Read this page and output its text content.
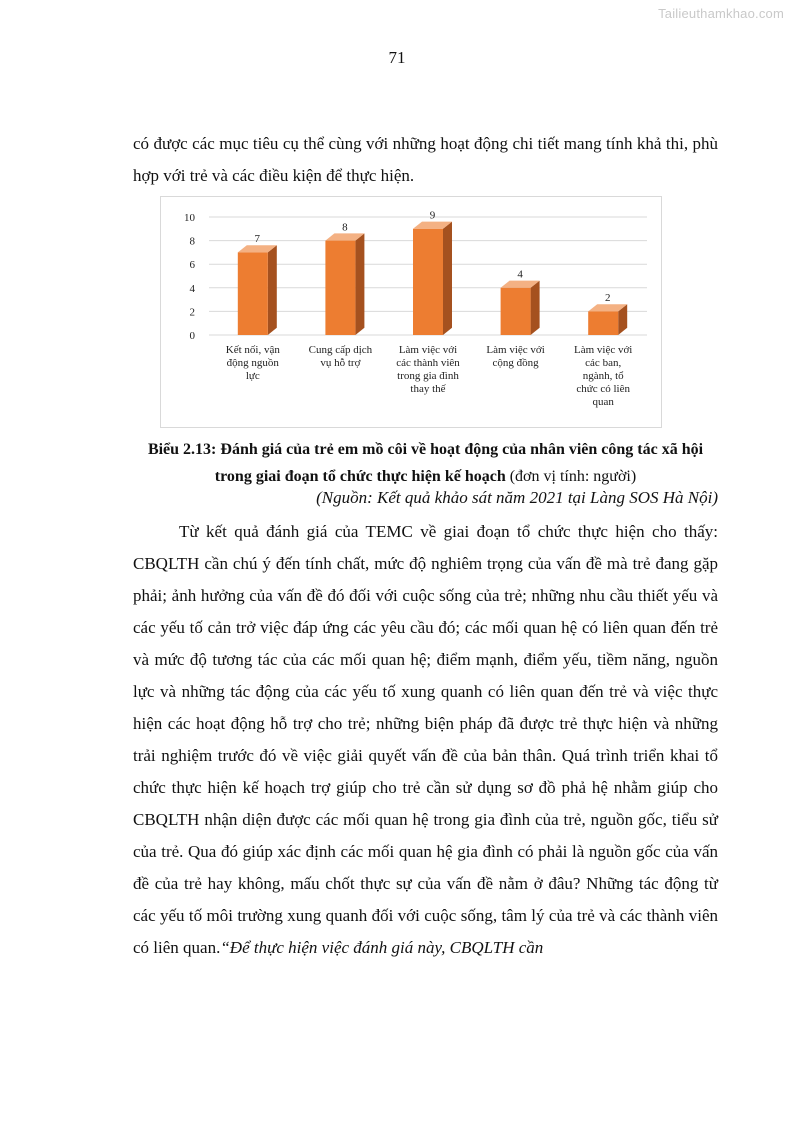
Tailieuthamkhao.com
71

có được các mục tiêu cụ thể cùng với những hoạt động chi tiết mang tính khả thi, phù hợp với trẻ và các điều kiện để thực hiện.

0
2
4
6
8
10
7
8
9
4
2
Kết nối, vận động nguồn lực
Cung cấp dịch vụ hỗ trợ
Làm việc với các thành viên trong gia đình thay thế
Làm việc với cộng đồng
Làm việc với các ban, ngành, tổ chức có liên quan

Biểu 2.13: Đánh giá của trẻ em mồ côi về hoạt động của nhân viên công tác xã hội trong giai đoạn tổ chức thực hiện kế hoạch (đơn vị tính: người)

(Nguồn: Kết quả khảo sát năm 2021 tại Làng SOS Hà Nội)

Từ kết quả đánh giá của TEMC về giai đoạn tổ chức thực hiện cho thấy: CBQLTH cần chú ý đến tính chất, mức độ nghiêm trọng của vấn đề mà trẻ đang gặp phải; ảnh hưởng của vấn đề đó đối với cuộc sống của trẻ; những nhu cầu thiết yếu và các yếu tố cản trở việc đáp ứng các yêu cầu đó; các mối quan hệ có liên quan đến trẻ và mức độ tương tác của các mối quan hệ; điểm mạnh, điểm yếu, tiềm năng, nguồn lực và những tác động của các yếu tố xung quanh có liên quan đến trẻ và việc thực hiện các hoạt động hỗ trợ cho trẻ; những biện pháp đã được trẻ thực hiện và những trải nghiệm trước đó về việc giải quyết vấn đề của bản thân. Quá trình triển khai tổ chức thực hiện kế hoạch trợ giúp cho trẻ cần sử dụng sơ đồ phả hệ nhằm giúp cho CBQLTH nhận diện được các mối quan hệ trong gia đình của trẻ, nguồn gốc, tiểu sử của trẻ. Qua đó giúp xác định các mối quan hệ gia đình có phải là nguồn gốc của vấn đề của trẻ hay không, mấu chốt thực sự của vấn đề nằm ở đâu? Những tác động từ các yếu tố môi trường xung quanh đối với cuộc sống, tâm lý của trẻ và các thành viên có liên quan.“Để thực hiện việc đánh giá này, CBQLTH cần
